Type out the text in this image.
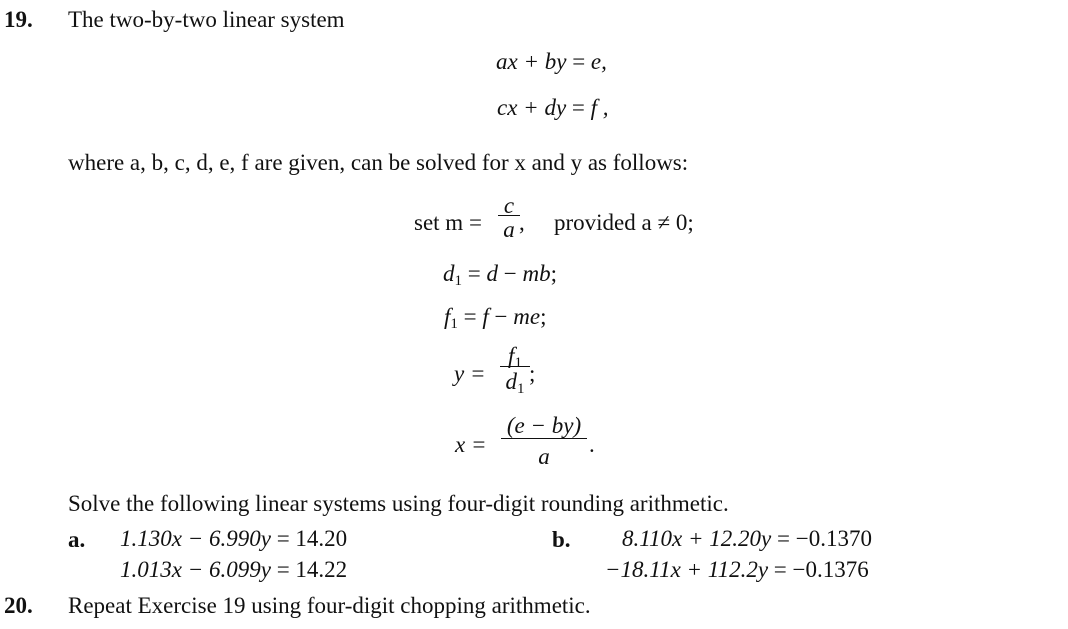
19. The two-by-two linear system
ax + by = e,
cx + dy = f ,
where a, b, c, d, e, f are given, can be solved for x and y as follows:
set $m = \frac{c}{a}$ , provided a ≠ 0;
$d_1 = d$ − mb;
$f_1 = f$ − me;
$y = \frac{f_1}{d_1}$ ;
$x = \frac{(e - by)}{a}$ .
Solve the following linear systems using four-digit rounding arithmetic.
a. 1.130x − 6.990y = 14.20
1.013x − 6.099y = 14.22
b. 8.110x + 12.20y = −0.1370
−18.11x + 112.2y = −0.1376
20. Repeat Exercise 19 using four-digit chopping arithmetic.
